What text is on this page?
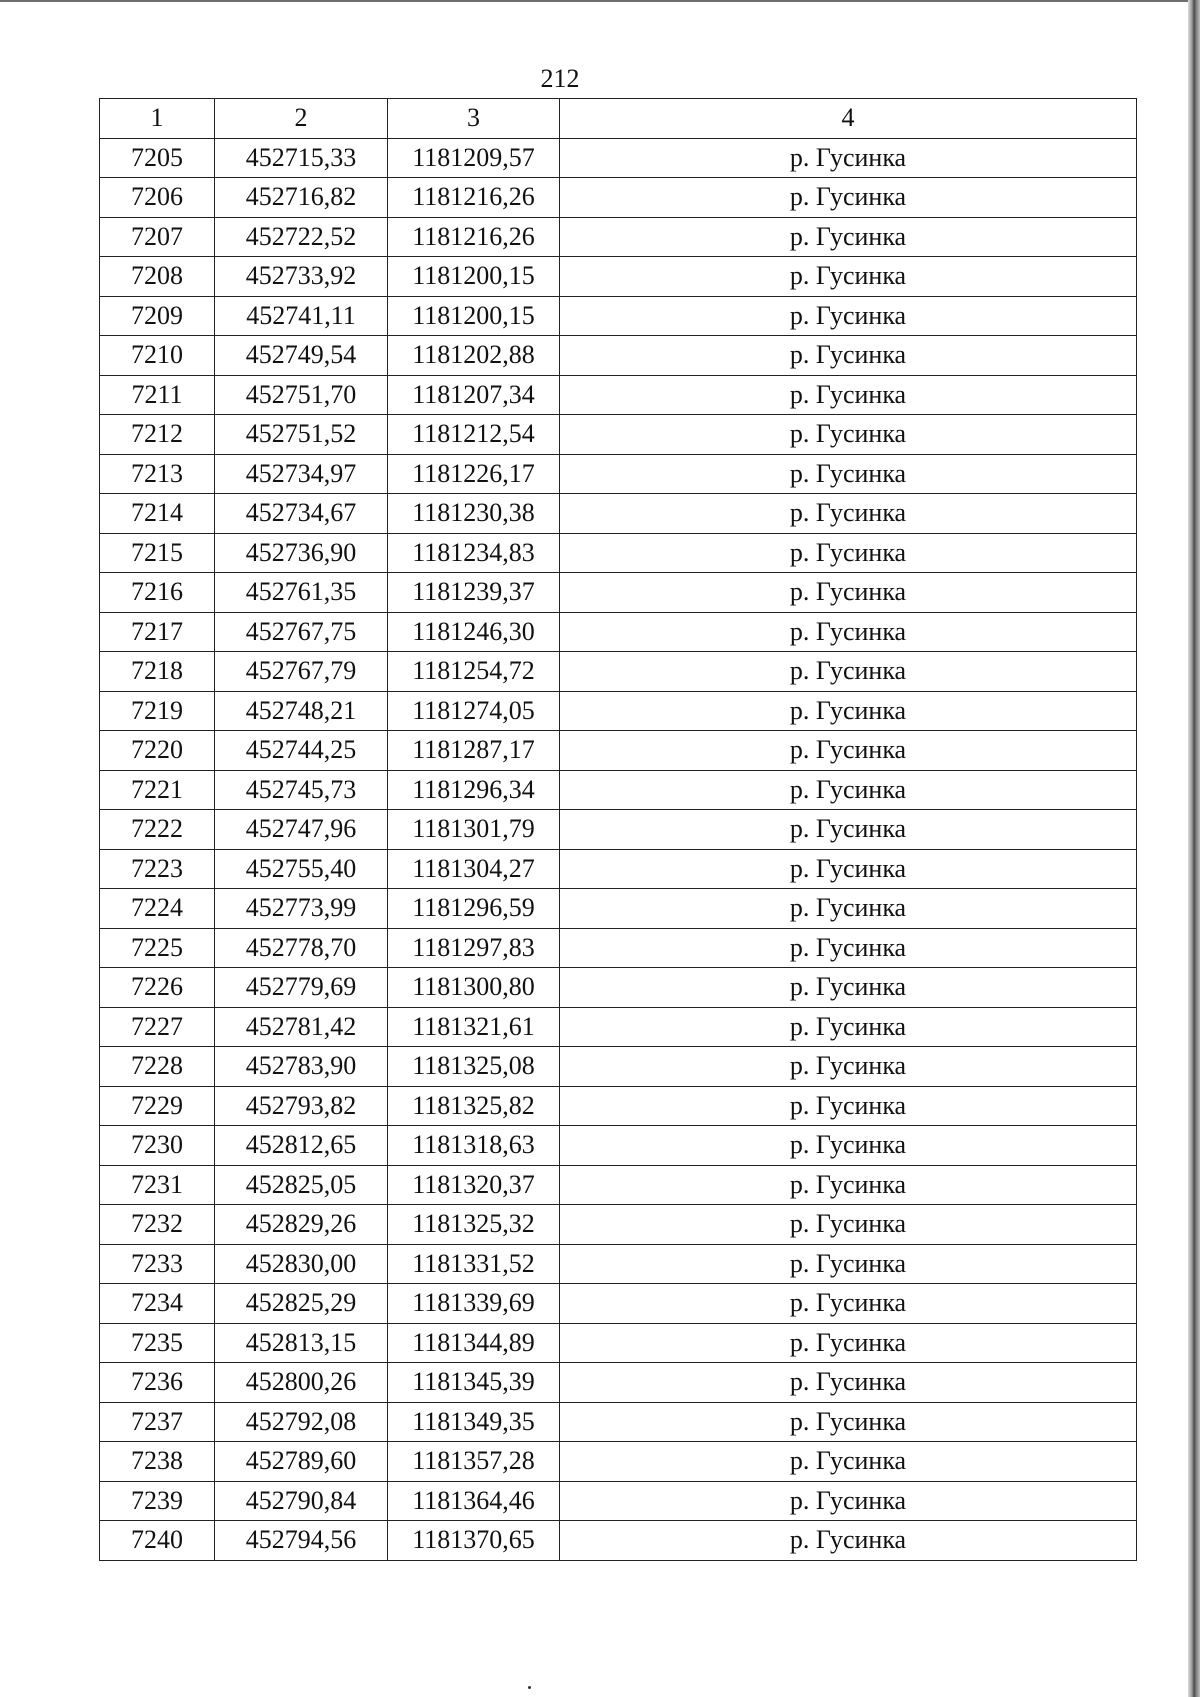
212
1	2	3	4
7205	452715,33	1181209,57	р. Гусинка
7206	452716,82	1181216,26	р. Гусинка
7207	452722,52	1181216,26	р. Гусинка
7208	452733,92	1181200,15	р. Гусинка
7209	452741,11	1181200,15	р. Гусинка
7210	452749,54	1181202,88	р. Гусинка
7211	452751,70	1181207,34	р. Гусинка
7212	452751,52	1181212,54	р. Гусинка
7213	452734,97	1181226,17	р. Гусинка
7214	452734,67	1181230,38	р. Гусинка
7215	452736,90	1181234,83	р. Гусинка
7216	452761,35	1181239,37	р. Гусинка
7217	452767,75	1181246,30	р. Гусинка
7218	452767,79	1181254,72	р. Гусинка
7219	452748,21	1181274,05	р. Гусинка
7220	452744,25	1181287,17	р. Гусинка
7221	452745,73	1181296,34	р. Гусинка
7222	452747,96	1181301,79	р. Гусинка
7223	452755,40	1181304,27	р. Гусинка
7224	452773,99	1181296,59	р. Гусинка
7225	452778,70	1181297,83	р. Гусинка
7226	452779,69	1181300,80	р. Гусинка
7227	452781,42	1181321,61	р. Гусинка
7228	452783,90	1181325,08	р. Гусинка
7229	452793,82	1181325,82	р. Гусинка
7230	452812,65	1181318,63	р. Гусинка
7231	452825,05	1181320,37	р. Гусинка
7232	452829,26	1181325,32	р. Гусинка
7233	452830,00	1181331,52	р. Гусинка
7234	452825,29	1181339,69	р. Гусинка
7235	452813,15	1181344,89	р. Гусинка
7236	452800,26	1181345,39	р. Гусинка
7237	452792,08	1181349,35	р. Гусинка
7238	452789,60	1181357,28	р. Гусинка
7239	452790,84	1181364,46	р. Гусинка
7240	452794,56	1181370,65	р. Гусинка
